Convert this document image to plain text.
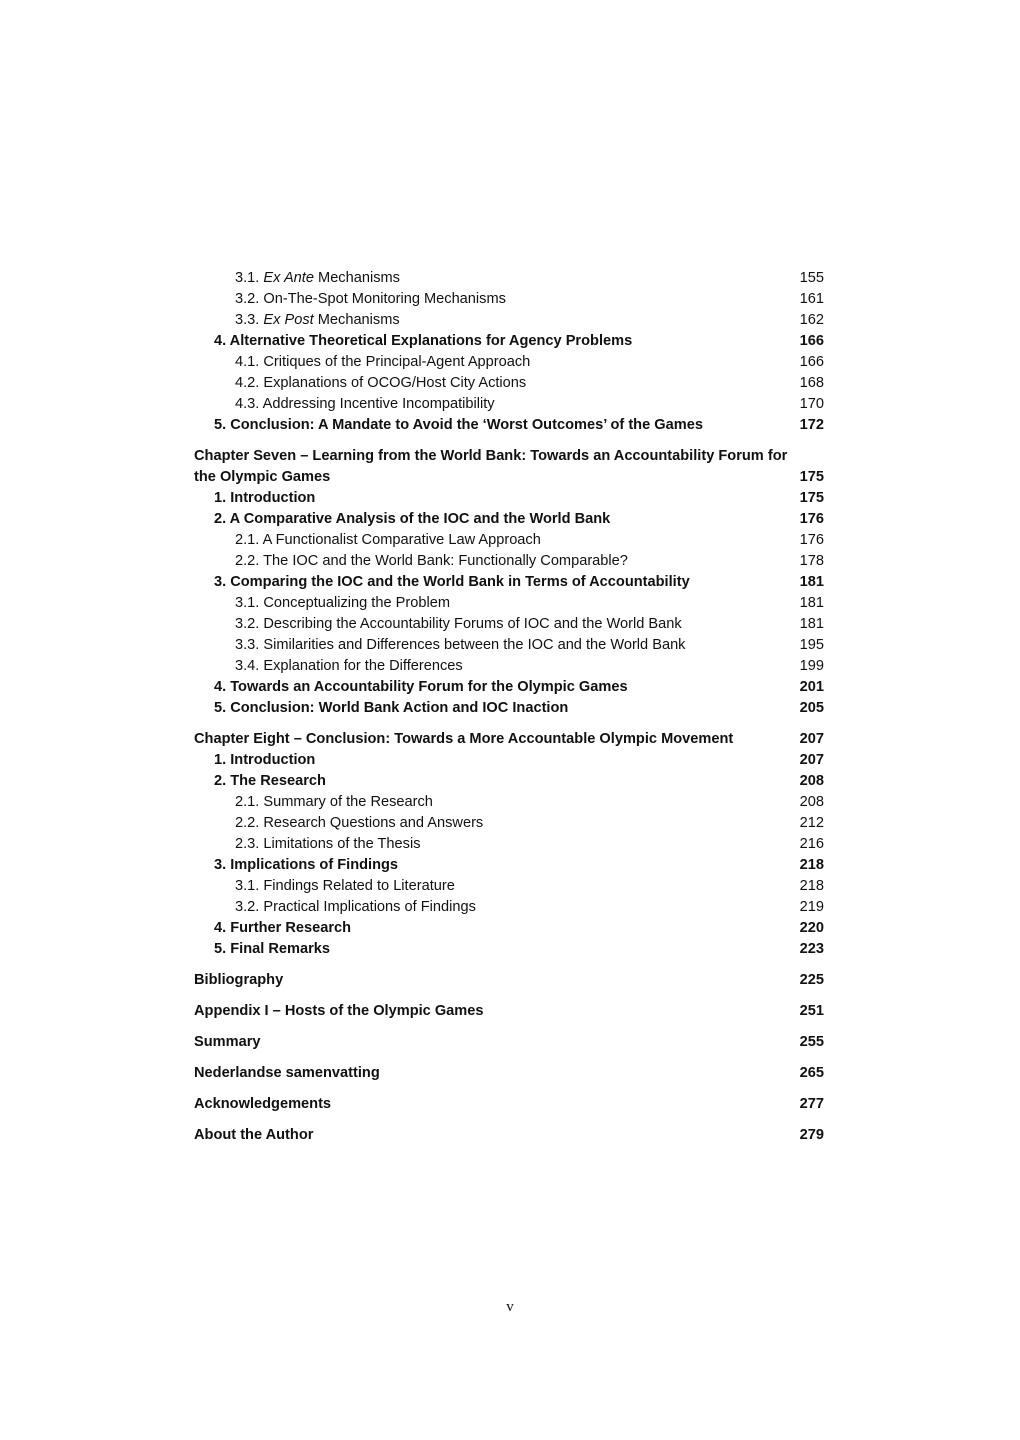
3.1. Ex Ante Mechanisms	155
3.2. On-The-Spot Monitoring Mechanisms	161
3.3. Ex Post Mechanisms	162
4. Alternative Theoretical Explanations for Agency Problems	166
4.1. Critiques of the Principal-Agent Approach	166
4.2. Explanations of OCOG/Host City Actions	168
4.3. Addressing Incentive Incompatibility	170
5. Conclusion: A Mandate to Avoid the ‘Worst Outcomes’ of the Games	172
Chapter Seven – Learning from the World Bank: Towards an Accountability Forum for
the Olympic Games	175
1. Introduction	175
2. A Comparative Analysis of the IOC and the World Bank	176
2.1. A Functionalist Comparative Law Approach	176
2.2. The IOC and the World Bank: Functionally Comparable?	178
3. Comparing the IOC and the World Bank in Terms of Accountability	181
3.1. Conceptualizing the Problem	181
3.2. Describing the Accountability Forums of IOC and the World Bank	181
3.3. Similarities and Differences between the IOC and the World Bank	195
3.4. Explanation for the Differences	199
4. Towards an Accountability Forum for the Olympic Games	201
5. Conclusion: World Bank Action and IOC Inaction	205
Chapter Eight – Conclusion: Towards a More Accountable Olympic Movement	207
1. Introduction	207
2. The Research	208
2.1. Summary of the Research	208
2.2. Research Questions and Answers	212
2.3. Limitations of the Thesis	216
3. Implications of Findings	218
3.1. Findings Related to Literature	218
3.2. Practical Implications of Findings	219
4. Further Research	220
5. Final Remarks	223
Bibliography	225
Appendix I – Hosts of the Olympic Games	251
Summary	255
Nederlandse samenvatting	265
Acknowledgements	277
About the Author	279
v
